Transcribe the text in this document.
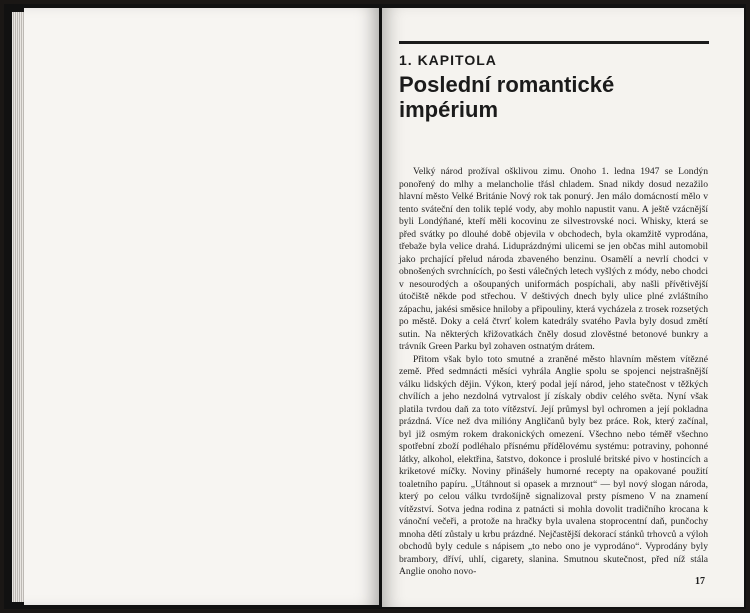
1. KAPITOLA
Poslední romantické impérium

Velký národ prožíval ošklivou zimu. Onoho 1. ledna 1947 se Londýn ponořený do mlhy a melancholie třásl chladem. Snad nikdy dosud nezažilo hlavní město Velké Británie Nový rok tak ponurý. Jen málo domácností mělo v tento sváteční den tolik teplé vody, aby mohlo napustit vanu. A ještě vzácnější byli Londýňané, kteří měli kocovinu ze silvestrovské noci. Whisky, která se před svátky po dlouhé době objevila v obchodech, byla okamžitě vyprodána, třebaže byla velice drahá. Liduprázdnými ulicemi se jen občas mihl automobil jako prchající přelud národa zbaveného benzinu. Osamělí a nevrlí chodci v obnošených svrchnících, po šesti válečných letech vyšlých z módy, nebo chodci v nesourodých a ošoupaných uniformách pospíchali, aby našli přívětivější útočiště někde pod střechou. V deštivých dnech byly ulice plné zvláštního zápachu, jakési směsice hniloby a připouliny, která vycházela z trosek rozsetých po městě. Doky a celá čtvrť kolem katedrály svatého Pavla byly dosud změtí sutin. Na některých křižovatkách čněly dosud zlověstné betonové bunkry a trávník Green Parku byl zohaven ostnatým drátem.

Přitom však bylo toto smutné a zraněné město hlavním městem vítězné země. Před sedmnácti měsíci vyhrála Anglie spolu se spojenci nejstrašnější válku lidských dějin. Výkon, který podal její národ, jeho statečnost v těžkých chvílích a jeho nezdolná vytrvalost jí získaly obdiv celého světa. Nyní však platila tvrdou daň za toto vítězství. Její průmysl byl ochromen a její pokladna prázdná. Více než dva milióny Angličanů byly bez práce. Rok, který začínal, byl již osmým rokem drakonických omezení. Všechno nebo téměř všechno spotřební zboží podléhalo přísnému přídělovému systému: potraviny, pohonné látky, alkohol, elektřina, šatstvo, dokonce i proslulé britské pivo v hostincích a kriketové míčky. Noviny přinášely humorné recepty na opakované použití toaletního papíru. „Utáhnout si opasek a mrznout“ — byl nový slogan národa, který po celou válku tvrdošíjně signalizoval prsty písmeno V na znamení vítězství. Sotva jedna rodina z patnácti si mohla dovolit tradičního krocana k vánoční večeři, a protože na hračky byla uvalena stoprocentní daň, punčochy mnoha dětí zůstaly u krbu prázdné. Nejčastější dekorací stánků trhovců a výloh obchodů byly cedule s nápisem „to nebo ono je vyprodáno“. Vyprodány byly brambory, dříví, uhlí, cigarety, slanina. Smutnou skutečnost, před níž stála Anglie onoho novo-

17
